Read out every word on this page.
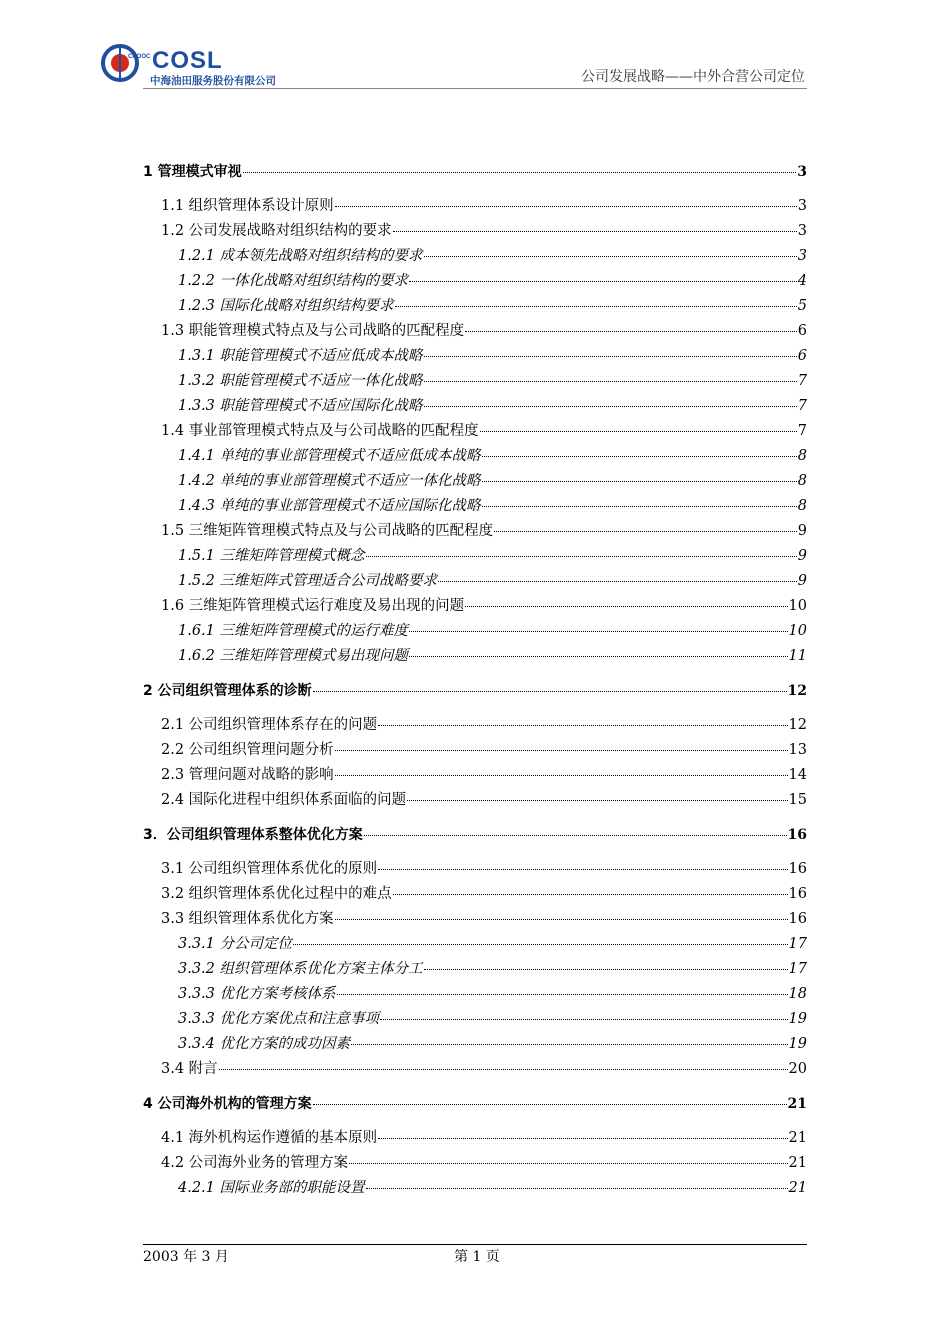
CNOOC COSL
中海油田服务股份有限公司	公司发展战略——中外合营公司定位
1 管理模式审视	3
1.1 组织管理体系设计原则	3
1.2 公司发展战略对组织结构的要求	3
1.2.1 成本领先战略对组织结构的要求	3
1.2.2 一体化战略对组织结构的要求	4
1.2.3 国际化战略对组织结构要求	5
1.3 职能管理模式特点及与公司战略的匹配程度	6
1.3.1 职能管理模式不适应低成本战略	6
1.3.2 职能管理模式不适应一体化战略	7
1.3.3 职能管理模式不适应国际化战略	7
1.4 事业部管理模式特点及与公司战略的匹配程度	7
1.4.1 单纯的事业部管理模式不适应低成本战略	8
1.4.2 单纯的事业部管理模式不适应一体化战略	8
1.4.3 单纯的事业部管理模式不适应国际化战略	8
1.5 三维矩阵管理模式特点及与公司战略的匹配程度	9
1.5.1 三维矩阵管理模式概念	9
1.5.2 三维矩阵式管理适合公司战略要求	9
1.6 三维矩阵管理模式运行难度及易出现的问题	10
1.6.1 三维矩阵管理模式的运行难度	10
1.6.2 三维矩阵管理模式易出现问题	11
2 公司组织管理体系的诊断	12
2.1 公司组织管理体系存在的问题	12
2.2 公司组织管理问题分析	13
2.3 管理问题对战略的影响	14
2.4 国际化进程中组织体系面临的问题	15
3．公司组织管理体系整体优化方案	16
3.1 公司组织管理体系优化的原则	16
3.2 组织管理体系优化过程中的难点	16
3.3 组织管理体系优化方案	16
3.3.1 分公司定位	17
3.3.2 组织管理体系优化方案主体分工	17
3.3.3 优化方案考核体系	18
3.3.3 优化方案优点和注意事项	19
3.3.4 优化方案的成功因素	19
3.4 附言	20
4 公司海外机构的管理方案	21
4.1 海外机构运作遵循的基本原则	21
4.2 公司海外业务的管理方案	21
4.2.1 国际业务部的职能设置	21
2003 年 3 月	第 1 页
